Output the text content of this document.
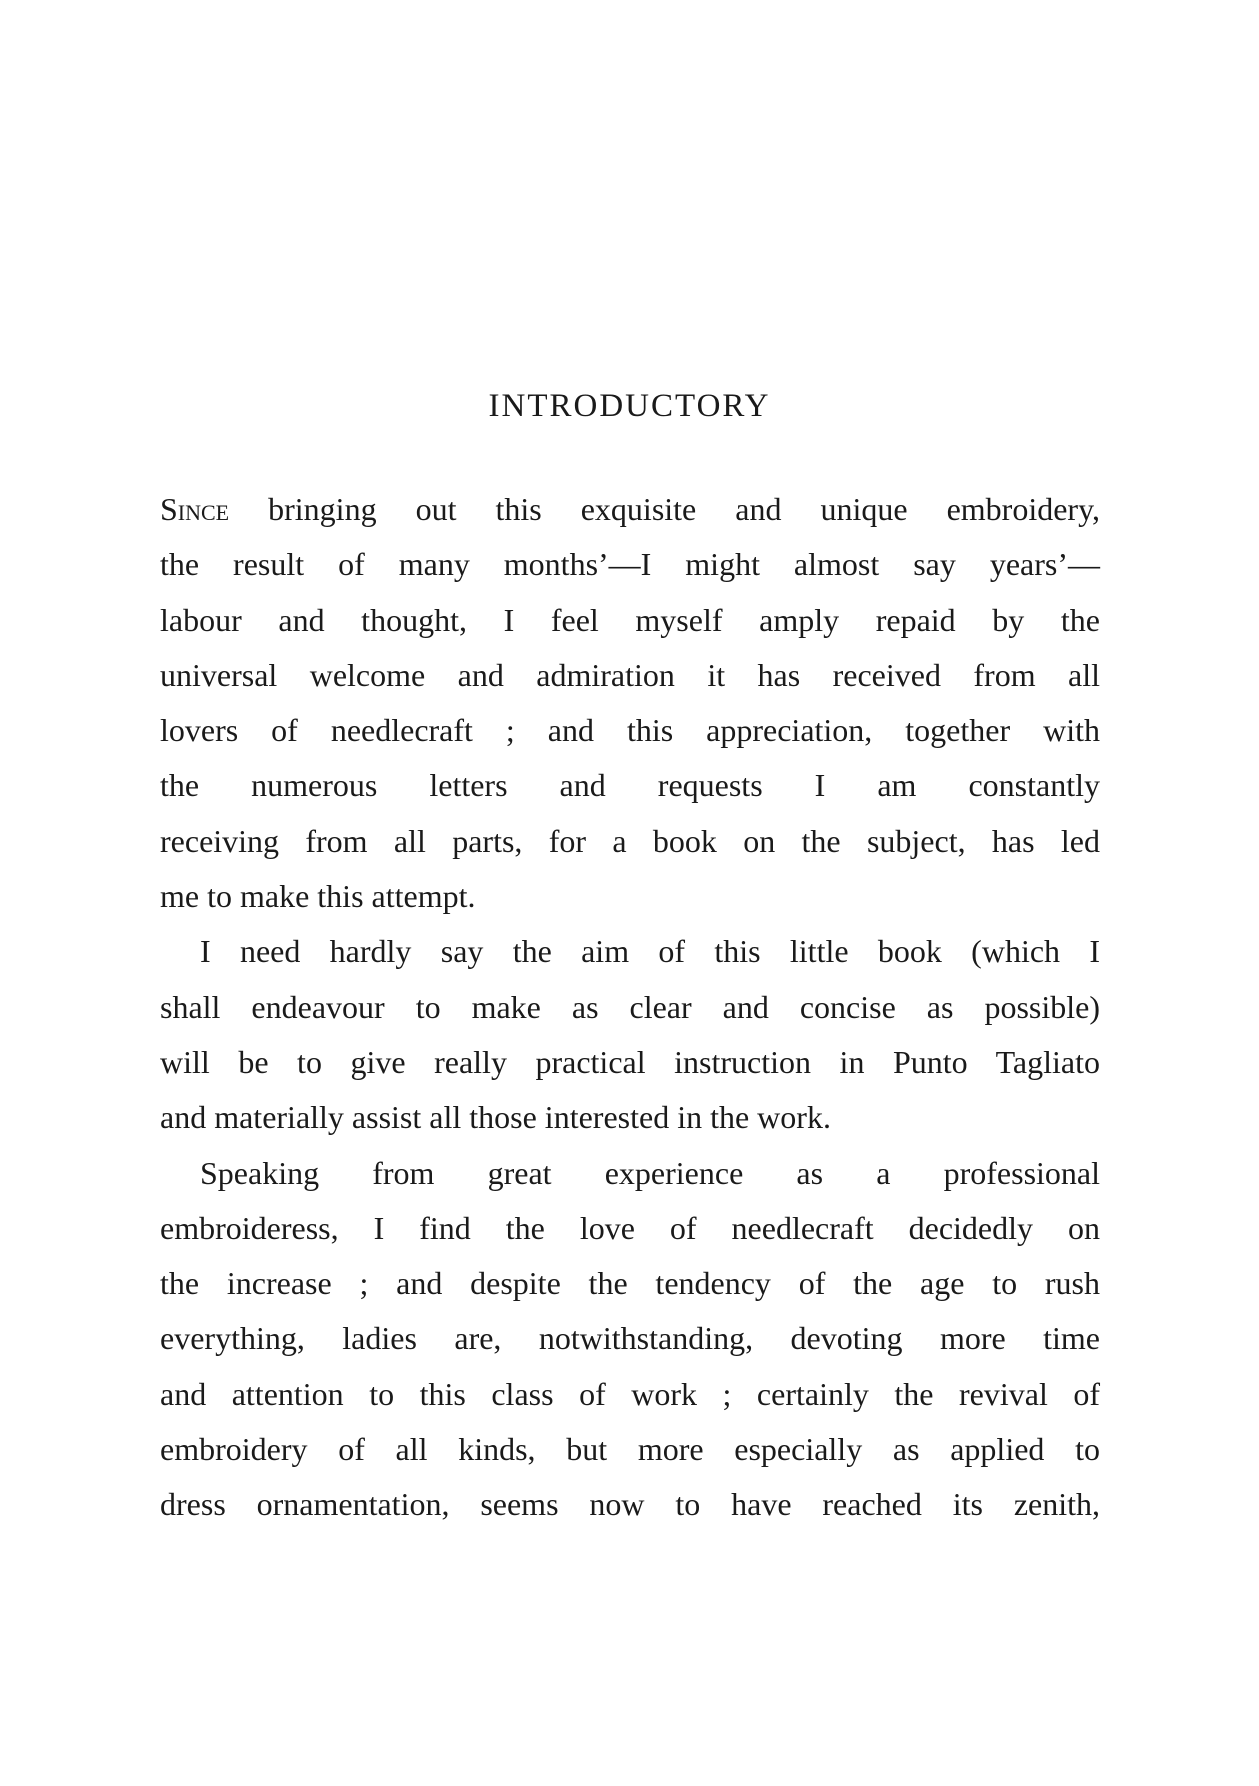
INTRODUCTORY
Since bringing out this exquisite and unique embroidery,
the result of many months’—I might almost say years’—
labour and thought, I feel myself amply repaid by the
universal welcome and admiration it has received from all
lovers of needlecraft ; and this appreciation, together with
the numerous letters and requests I am constantly
receiving from all parts, for a book on the subject, has led
me to make this attempt.
I need hardly say the aim of this little book (which I
shall endeavour to make as clear and concise as possible)
will be to give really practical instruction in Punto Tagliato
and materially assist all those interested in the work.
Speaking from great experience as a professional
embroideress, I find the love of needlecraft decidedly on
the increase ; and despite the tendency of the age to rush
everything, ladies are, notwithstanding, devoting more time
and attention to this class of work ; certainly the revival of
embroidery of all kinds, but more especially as applied to
dress ornamentation, seems now to have reached its zenith,
